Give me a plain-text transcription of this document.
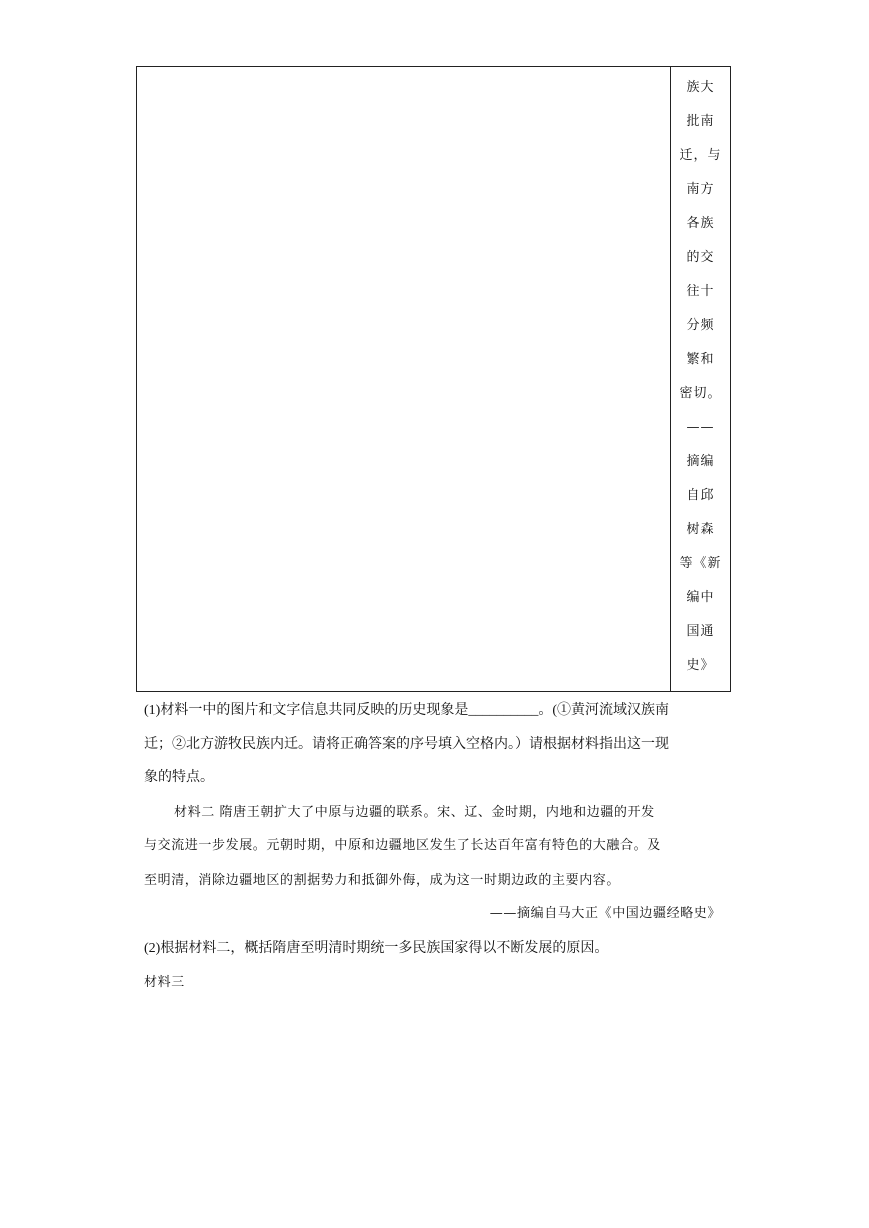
族大
批南
迁，与
南方
各族
的交
往十
分频
繁和
密切。
——
摘编
自邱
树森
等《新
编中
国通
史》
(1)材料一中的图片和文字信息共同反映的历史现象是__________。(①黄河流域汉族南
迁；②北方游牧民族内迁。请将正确答案的序号填入空格内。）请根据材料指出这一现
象的特点。
材料二 隋唐王朝扩大了中原与边疆的联系。宋、辽、金时期，内地和边疆的开发
与交流进一步发展。元朝时期，中原和边疆地区发生了长达百年富有特色的大融合。及
至明清，消除边疆地区的割据势力和抵御外侮，成为这一时期边政的主要内容。
——摘编自马大正《中国边疆经略史》
(2)根据材料二，概括隋唐至明清时期统一多民族国家得以不断发展的原因。
材料三
